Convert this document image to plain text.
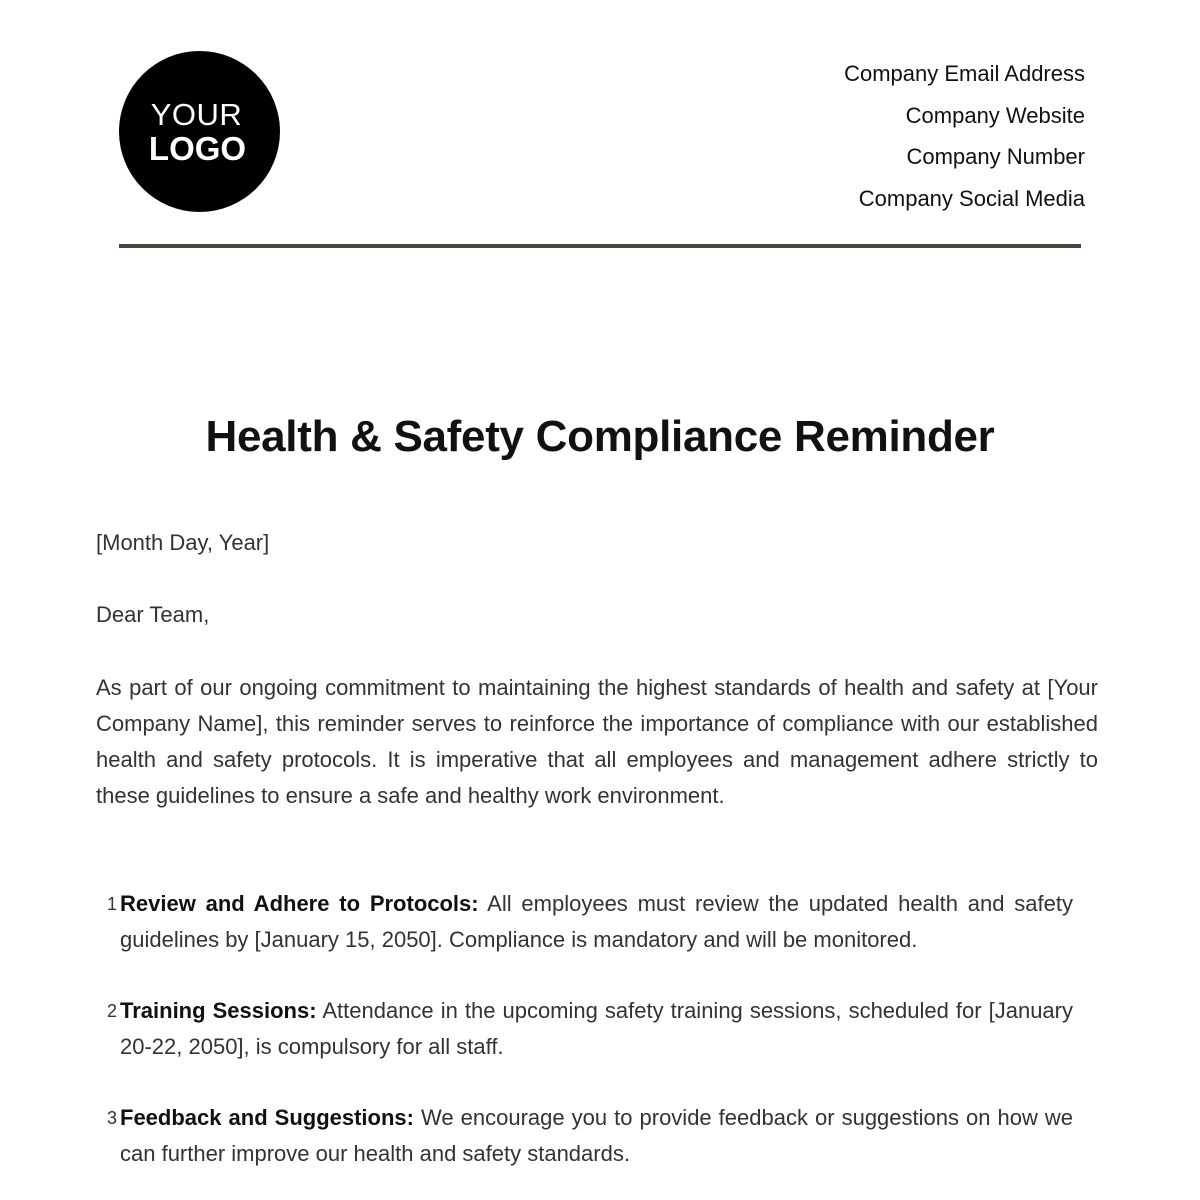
YOUR
LOGO
Company Email Address
Company Website
Company Number
Company Social Media
Health & Safety Compliance Reminder
[Month Day, Year]
Dear Team,

As part of our ongoing commitment to maintaining the highest standards of health and safety at [Your Company Name], this reminder serves to reinforce the importance of compliance with our established health and safety protocols. It is imperative that all employees and management adhere strictly to these guidelines to ensure a safe and healthy work environment.

1 Review and Adhere to Protocols: All employees must review the updated health and safety guidelines by [January 15, 2050]. Compliance is mandatory and will be monitored.
2 Training Sessions: Attendance in the upcoming safety training sessions, scheduled for [January 20-22, 2050], is compulsory for all staff.
3 Feedback and Suggestions: We encourage you to provide feedback or suggestions on how we can further improve our health and safety standards.
